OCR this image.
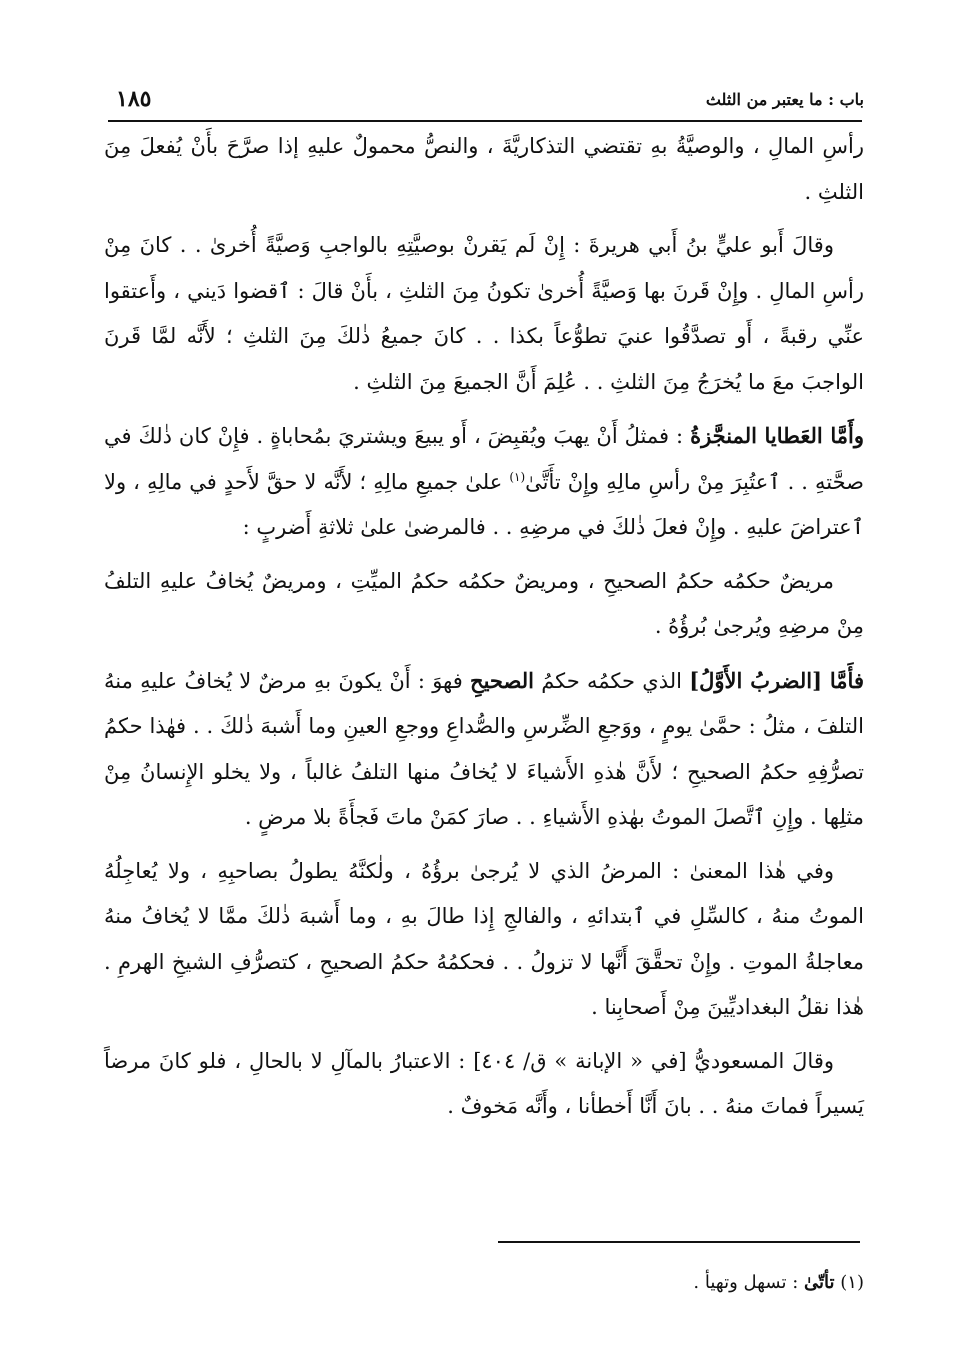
باب : ما يعتبر من الثلث
١٨٥

رأسِ المالِ ، والوصيَّةُ بهِ تقتضي التذكاريَّةَ ، والنصُّ محمولٌ عليهِ إذا صرَّحَ بأَنْ يُفعلَ مِنَ الثلثِ .

وقالَ أَبو عليٍّ بنُ أَبي هريرةَ : إِنْ لَم يَقرنْ بوصيَّتِهِ بالواجبِ وَصيَّةً أُخرىٰ . . كانَ مِنْ رأسِ المالِ . وإِنْ قَرنَ بها وَصيَّةً أُخرىٰ تكونُ مِنَ الثلثِ ، بأَنْ قالَ : ٱقضوا دَيني ، وأَعتقوا عنِّي رقبةً ، أَو تصدَّقُوا عنيَ تطوُّعاً بكذا . . كانَ جميعُ ذٰلكَ مِنَ الثلثِ ؛ لأَنَّه لمَّا قَرنَ الواجبَ معَ ما يُخرَجُ مِنَ الثلثِ . . عُلِمَ أَنَّ الجميعَ مِنَ الثلثِ .

وأَمَّا العَطايا المنجَّزةُ : فمثلُ أَنْ يهبَ ويُقبِضَ ، أَو يبيعَ ويشتريَ بمُحاباةٍ . فإِنْ كان ذٰلكَ في صحَّتهِ . . ٱعتُبِرَ مِنْ رأسِ مالِهِ وإِنْ تأَتَّىٰ$^{(١)}$ علىٰ جميعِ مالِهِ ؛ لأَنَّه لا حقَّ لأَحدٍ في مالِهِ ، ولا ٱعتراضَ عليهِ . وإِنْ فعلَ ذٰلكَ في مرضِهِ . . فالمرضىٰ علىٰ ثلاثةِ أَضربٍ :

مريضٌ حكمُه حكمُ الصحيحِ ، ومريضٌ حكمُه حكمُ الميِّتِ ، ومريضٌ يُخافُ عليهِ التلفُ مِنْ مرضِهِ ويُرجىٰ بُرؤُهُ .

فأَمَّا [الضربُ الأَوَّلُ] الذي حكمُه حكمُ الصحيحِ فهوَ : أَنْ يكونَ بهِ مرضٌ لا يُخافُ عليهِ منهُ التلفَ ، مثلُ : حمَّىٰ يومٍ ، ووَجعِ الضِّرسِ والصُّداعِ ووجعِ العينِ وما أَشبهَ ذٰلكَ . . فهٰذا حكمُ تصرُّفِهِ حكمُ الصحيحِ ؛ لأَنَّ هٰذهِ الأَشياءَ لا يُخافُ منها التلفُ غالباً ، ولا يخلو الإِنسانُ مِنْ مثلِها . وإِنِ ٱتَّصلَ الموتُ بهٰذهِ الأَشياءِ . . صارَ كمَنْ ماتَ فَجأَةً بلا مرضٍ .

وفي هٰذا المعنىٰ : المرضُ الذي لا يُرجىٰ برؤُهُ ، ولٰكنَّهُ يطولُ بصاحبِهِ ، ولا يُعاجِلُهُ الموتُ منهُ ، كالسِّلِ في ٱبتدائهِ ، والفالجِ إِذا طالَ بهِ ، وما أَشبهَ ذٰلكَ ممَّا لا يُخافُ منهُ معاجلةُ الموتِ . وإِنْ تحقَّقَ أَنَّها لا تزولُ . . فحكمُهُ حكمُ الصحيحِ ، كتصرُّفِ الشيخِ الهرمِ . هٰذا نقلُ البغداديِّينَ مِنْ أَصحابِنا .

وقالَ المسعوديُّ [في « الإبانة » ق/ ٤٠٤] : الاعتبارُ بالمآلِ لا بالحالِ ، فلو كانَ مرضاً يَسيراً فماتَ منهُ . . بانَ أَنَّا أَخطأنا ، وأَنَّه مَخوفٌ .

(١) تأتّىٰ : تسهل وتهيأ .
